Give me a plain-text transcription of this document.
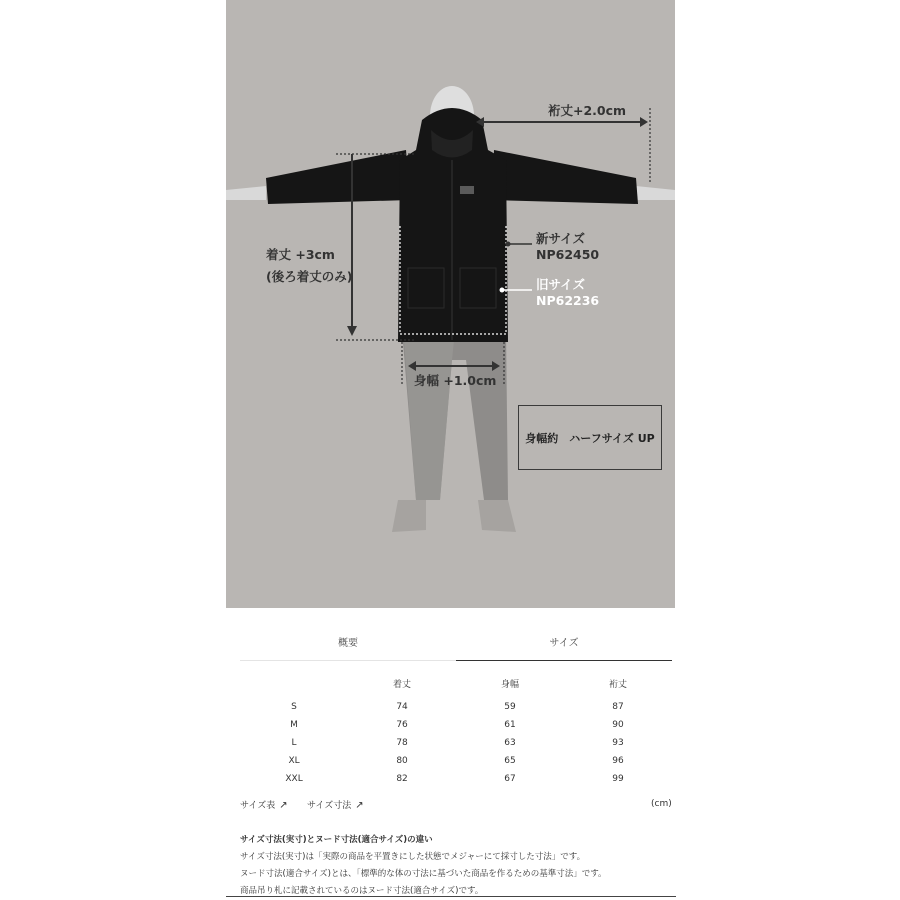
裄丈+2.0cm
着丈 +3cm
(後ろ着丈のみ)
新サイズ
NP62450
旧サイズ
NP62236
身幅 +1.0cm
身幅約　ハーフサイズ UP
概要	サイズ
	着丈	身幅	裄丈
S	74	59	87
M	76	61	90
L	78	63	93
XL	80	65	96
XXL	82	67	99
サイズ表 ↗ サイズ寸法 ↗	(cm)
サイズ寸法(実寸)とヌード寸法(適合サイズ)の違い
サイズ寸法(実寸)は「実際の商品を平置きにした状態でメジャーにて採寸した寸法」です。
ヌード寸法(適合サイズ)とは、「標準的な体の寸法に基づいた商品を作るための基準寸法」です。
商品吊り札に記載されているのはヌード寸法(適合サイズ)です。
